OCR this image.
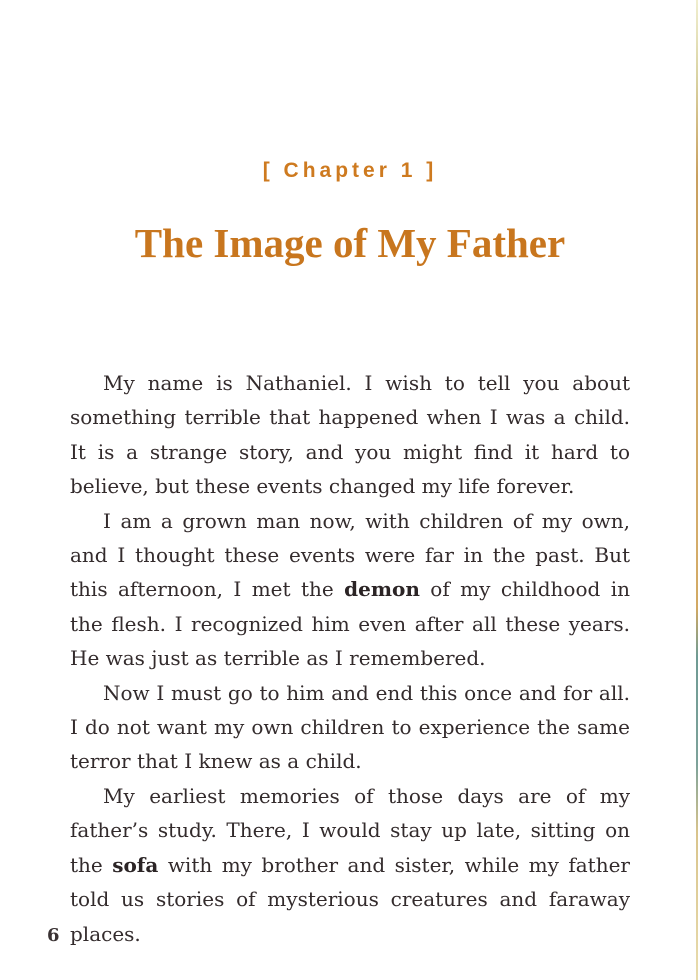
[ Chapter 1 ]
The Image of My Father

My name is Nathaniel. I wish to tell you about something terrible that happened when I was a child. It is a strange story, and you might find it hard to believe, but these events changed my life forever.

I am a grown man now, with children of my own, and I thought these events were far in the past. But this afternoon, I met the demon of my childhood in the flesh. I recognized him even after all these years. He was just as terrible as I remembered.

Now I must go to him and end this once and for all. I do not want my own children to experience the same terror that I knew as a child.

My earliest memories of those days are of my father’s study. There, I would stay up late, sitting on the sofa with my brother and sister, while my father told us stories of mysterious creatures and faraway places.

6
